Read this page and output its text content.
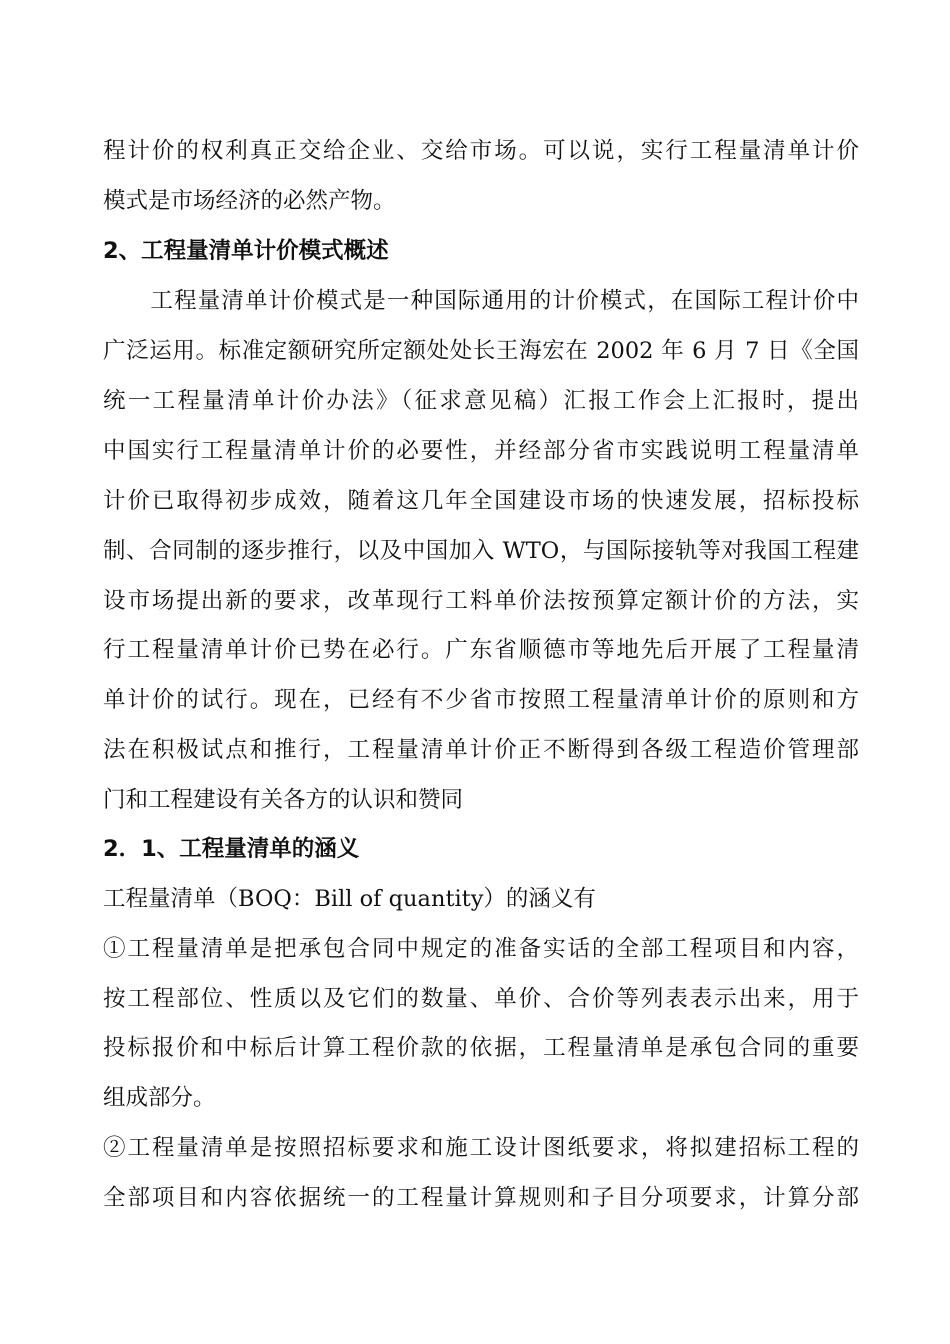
程计价的权利真正交给企业、交给市场。可以说，实行工程量清单计价
模式是市场经济的必然产物。
2、工程量清单计价模式概述
　　工程量清单计价模式是一种国际通用的计价模式，在国际工程计价中
广泛运用。标准定额研究所定额处处长王海宏在 2002 年 6 月 7 日《全国
统一工程量清单计价办法》（征求意见稿）汇报工作会上汇报时，提出
中国实行工程量清单计价的必要性，并经部分省市实践说明工程量清单
计价已取得初步成效，随着这几年全国建设市场的快速发展，招标投标
制、合同制的逐步推行，以及中国加入 WTO，与国际接轨等对我国工程建
设市场提出新的要求，改革现行工料单价法按预算定额计价的方法，实
行工程量清单计价已势在必行。广东省顺德市等地先后开展了工程量清
单计价的试行。现在，已经有不少省市按照工程量清单计价的原则和方
法在积极试点和推行，工程量清单计价正不断得到各级工程造价管理部
门和工程建设有关各方的认识和赞同
2．1、工程量清单的涵义
工程量清单（BOQ：Bill of quantity）的涵义有
①工程量清单是把承包合同中规定的准备实话的全部工程项目和内容，
按工程部位、性质以及它们的数量、单价、合价等列表表示出来，用于
投标报价和中标后计算工程价款的依据，工程量清单是承包合同的重要
组成部分。
②工程量清单是按照招标要求和施工设计图纸要求，将拟建招标工程的
全部项目和内容依据统一的工程量计算规则和子目分项要求，计算分部
